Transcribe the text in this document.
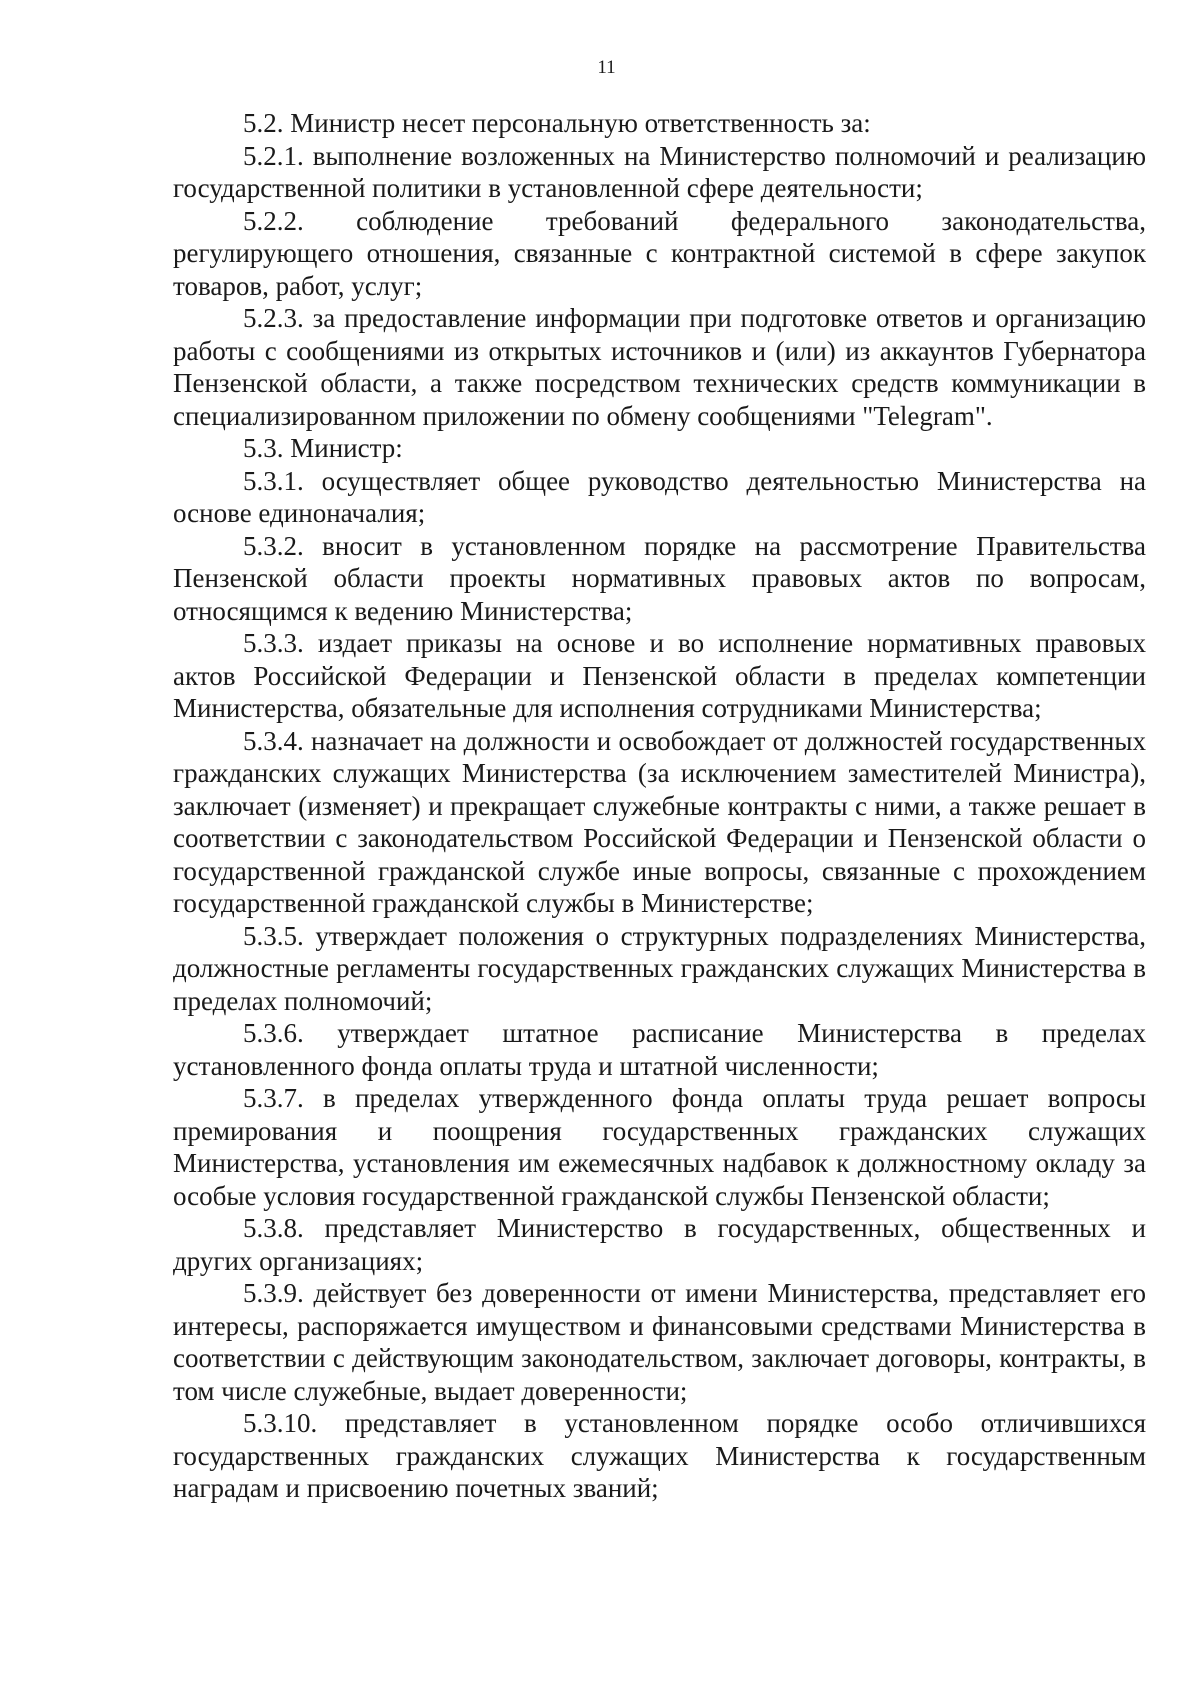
11

5.2. Министр несет персональную ответственность за:

5.2.1. выполнение возложенных на Министерство полномочий и реализацию государственной политики в установленной сфере деятельности;

5.2.2. соблюдение требований федерального законодательства, регулирующего отношения, связанные с контрактной системой в сфере закупок товаров, работ, услуг;

5.2.3. за предоставление информации при подготовке ответов и организацию работы с сообщениями из открытых источников и (или) из аккаунтов Губернатора Пензенской области, а также посредством технических средств коммуникации в специализированном приложении по обмену сообщениями "Telegram".

5.3. Министр:

5.3.1. осуществляет общее руководство деятельностью Министерства на основе единоначалия;

5.3.2. вносит в установленном порядке на рассмотрение Правительства Пензенской области проекты нормативных правовых актов по вопросам, относящимся к ведению Министерства;

5.3.3. издает приказы на основе и во исполнение нормативных правовых актов Российской Федерации и Пензенской области в пределах компетенции Министерства, обязательные для исполнения сотрудниками Министерства;

5.3.4. назначает на должности и освобождает от должностей государственных гражданских служащих Министерства (за исключением заместителей Министра), заключает (изменяет) и прекращает служебные контракты с ними, а также решает в соответствии с законодательством Российской Федерации и Пензенской области о государственной гражданской службе иные вопросы, связанные с прохождением государственной гражданской службы в Министерстве;

5.3.5. утверждает положения о структурных подразделениях Министерства, должностные регламенты государственных гражданских служащих Министерства в пределах полномочий;

5.3.6. утверждает штатное расписание Министерства в пределах установленного фонда оплаты труда и штатной численности;

5.3.7. в пределах утвержденного фонда оплаты труда решает вопросы премирования и поощрения государственных гражданских служащих Министерства, установления им ежемесячных надбавок к должностному окладу за особые условия государственной гражданской службы Пензенской области;

5.3.8. представляет Министерство в государственных, общественных и других организациях;

5.3.9. действует без доверенности от имени Министерства, представляет его интересы, распоряжается имуществом и финансовыми средствами Министерства в соответствии с действующим законодательством, заключает договоры, контракты, в том числе служебные, выдает доверенности;

5.3.10. представляет в установленном порядке особо отличившихся государственных гражданских служащих Министерства к государственным наградам и присвоению почетных званий;
